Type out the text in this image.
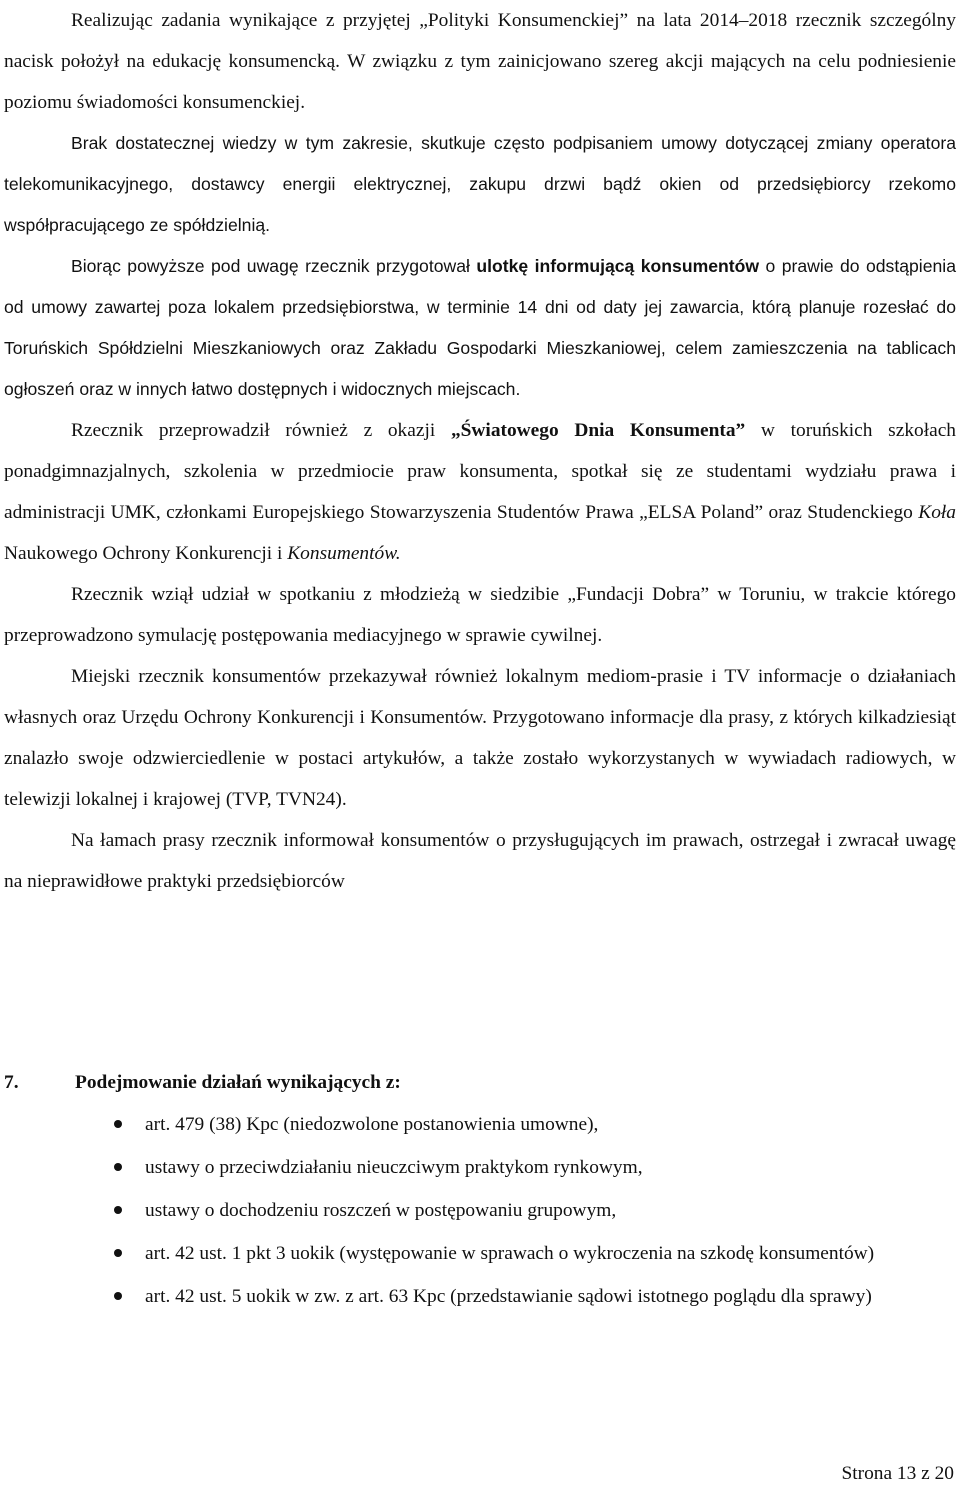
Realizując zadania wynikające z przyjętej „Polityki Konsumenckiej” na lata 2014–2018 rzecznik szczególny nacisk położył na edukację konsumencką. W związku z tym zainicjowano szereg akcji mających na celu podniesienie poziomu świadomości konsumenckiej.

Brak dostatecznej wiedzy w tym zakresie, skutkuje często podpisaniem umowy dotyczącej zmiany operatora telekomunikacyjnego, dostawcy energii elektrycznej, zakupu drzwi bądź okien od przedsiębiorcy rzekomo współpracującego ze spółdzielnią.

Biorąc powyższe pod uwagę rzecznik przygotował ulotkę informującą konsumentów o prawie do odstąpienia od umowy zawartej poza lokalem przedsiębiorstwa, w terminie 14 dni od daty jej zawarcia, którą planuje rozesłać do Toruńskich Spółdzielni Mieszkaniowych oraz Zakładu Gospodarki Mieszkaniowej, celem zamieszczenia na tablicach ogłoszeń oraz w innych łatwo dostępnych i widocznych miejscach.

Rzecznik przeprowadził również z okazji „Światowego Dnia Konsumenta” w toruńskich szkołach ponadgimnazjalnych, szkolenia w przedmiocie praw konsumenta, spotkał się ze studentami wydziału prawa i administracji UMK, członkami Europejskiego Stowarzyszenia Studentów Prawa „ELSA Poland” oraz Studenckiego Koła Naukowego Ochrony Konkurencji i Konsumentów.

Rzecznik wziął udział w spotkaniu z młodzieżą w siedzibie „Fundacji Dobra” w Toruniu, w trakcie którego przeprowadzono symulację postępowania mediacyjnego w sprawie cywilnej.

Miejski rzecznik konsumentów przekazywał również lokalnym mediom-prasie i TV informacje o działaniach własnych oraz Urzędu Ochrony Konkurencji i Konsumentów. Przygotowano informacje dla prasy, z których kilkadziesiąt znalazło swoje odzwierciedlenie w postaci artykułów, a także zostało wykorzystanych w wywiadach radiowych, w telewizji lokalnej i krajowej (TVP, TVN24).

Na łamach prasy rzecznik informował konsumentów o przysługujących im prawach, ostrzegał i zwracał uwagę na nieprawidłowe praktyki przedsiębiorców

7.	Podejmowanie działań wynikających z:
art. 479 (38) Kpc (niedozwolone postanowienia umowne),
ustawy o przeciwdziałaniu nieuczciwym praktykom rynkowym,
ustawy o dochodzeniu roszczeń w postępowaniu grupowym,
art. 42 ust. 1 pkt 3 uokik (występowanie w sprawach o wykroczenia na szkodę konsumentów)
art. 42 ust. 5 uokik w zw. z art. 63 Kpc (przedstawianie sądowi istotnego poglądu dla sprawy)
Strona 13 z 20
